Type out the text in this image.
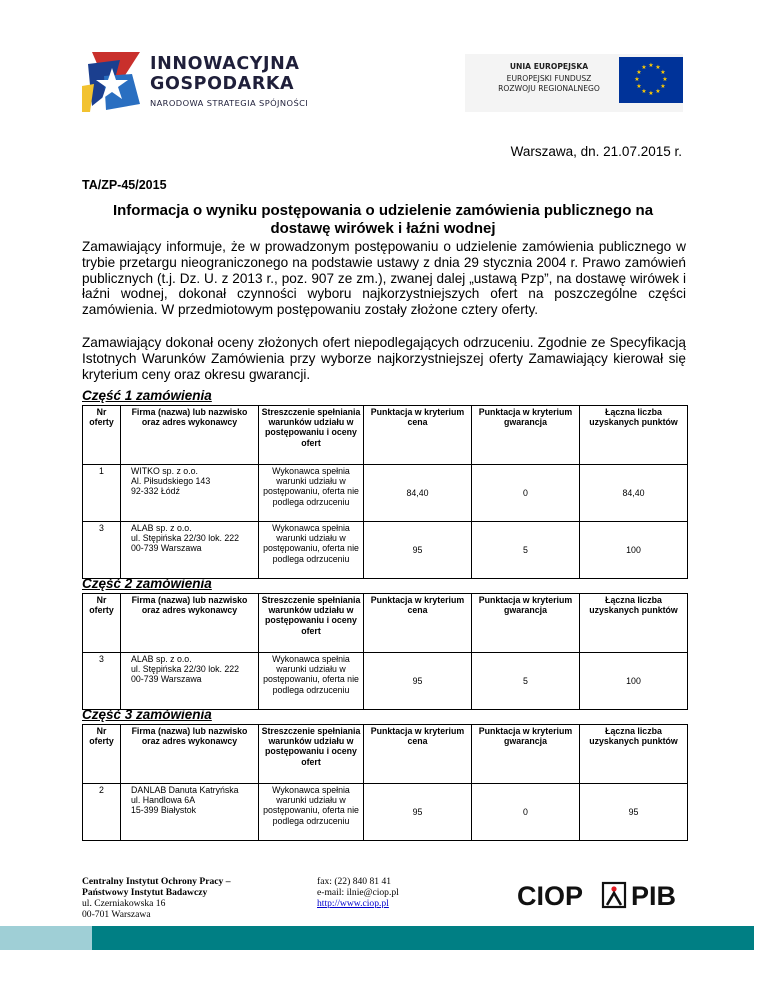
INNOWACYJNA
GOSPODARKA
NARODOWA STRATEGIA SPÓJNOŚCI
UNIA EUROPEJSKA
EUROPEJSKI FUNDUSZ
ROZWOJU REGIONALNEGO
★ ★
★
★
★
★
★
★
★
★
★
★
Warszawa, dn. 21.07.2015 r.
TA/ZP-45/2015
Informacja o wyniku postępowania o udzielenie zamówienia publicznego na
dostawę wirówek i łaźni wodnej
Zamawiający informuje, że w prowadzonym postępowaniu o udzielenie zamówienia publicznego w trybie przetargu nieograniczonego na podstawie ustawy z dnia 29 stycznia 2004 r. Prawo zamówień publicznych (t.j. Dz. U. z 2013 r., poz. 907 ze zm.), zwanej dalej „ustawą Pzp”, na dostawę wirówek i łaźni wodnej, dokonał czynności wyboru najkorzystniejszych ofert na poszczególne części zamówienia. W przedmiotowym postępowaniu zostały złożone cztery oferty.
Zamawiający dokonał oceny złożonych ofert niepodlegających odrzuceniu. Zgodnie ze Specyfikacją Istotnych Warunków Zamówienia przy wyborze najkorzystniejszej oferty Zamawiający kierował się kryterium ceny oraz okresu gwarancji.
Część 1 zamówienia
Nr oferty	Firma (nazwa) lub nazwisko oraz adres wykonawcy	Streszczenie spełniania warunków udziału w postępowaniu i oceny ofert	Punktacja w kryterium cena	Punktacja w kryterium gwarancja	Łączna liczba uzyskanych punktów
1	WITKO sp. z o.o.
Al. Piłsudskiego 143
92-332 Łódź	Wykonawca spełnia warunki udziału w postępowaniu, oferta nie podlega odrzuceniu	84,40	0	84,40
3	ALAB sp. z o.o.
ul. Stępińska 22/30 lok. 222
00-739 Warszawa	Wykonawca spełnia warunki udziału w postępowaniu, oferta nie podlega odrzuceniu	95	5	100
Część 2 zamówienia
Nr oferty	Firma (nazwa) lub nazwisko oraz adres wykonawcy	Streszczenie spełniania warunków udziału w postępowaniu i oceny ofert	Punktacja w kryterium cena	Punktacja w kryterium gwarancja	Łączna liczba uzyskanych punktów
3	ALAB sp. z o.o.
ul. Stępińska 22/30 lok. 222
00-739 Warszawa	Wykonawca spełnia warunki udziału w postępowaniu, oferta nie podlega odrzuceniu	95	5	100
Część 3 zamówienia
Nr oferty	Firma (nazwa) lub nazwisko oraz adres wykonawcy	Streszczenie spełniania warunków udziału w postępowaniu i oceny ofert	Punktacja w kryterium cena	Punktacja w kryterium gwarancja	Łączna liczba uzyskanych punktów
2	DANLAB Danuta Katryńska
ul. Handlowa 6A
15-399 Białystok	Wykonawca spełnia warunki udziału w postępowaniu, oferta nie podlega odrzuceniu	95	0	95
Centralny Instytut Ochrony Pracy –
Państwowy Instytut Badawczy
ul. Czerniakowska 16
00-701 Warszawa
fax: (22) 840 81 41
e-mail: ilnie@ciop.pl
http://www.ciop.pl	CIOP PIB
